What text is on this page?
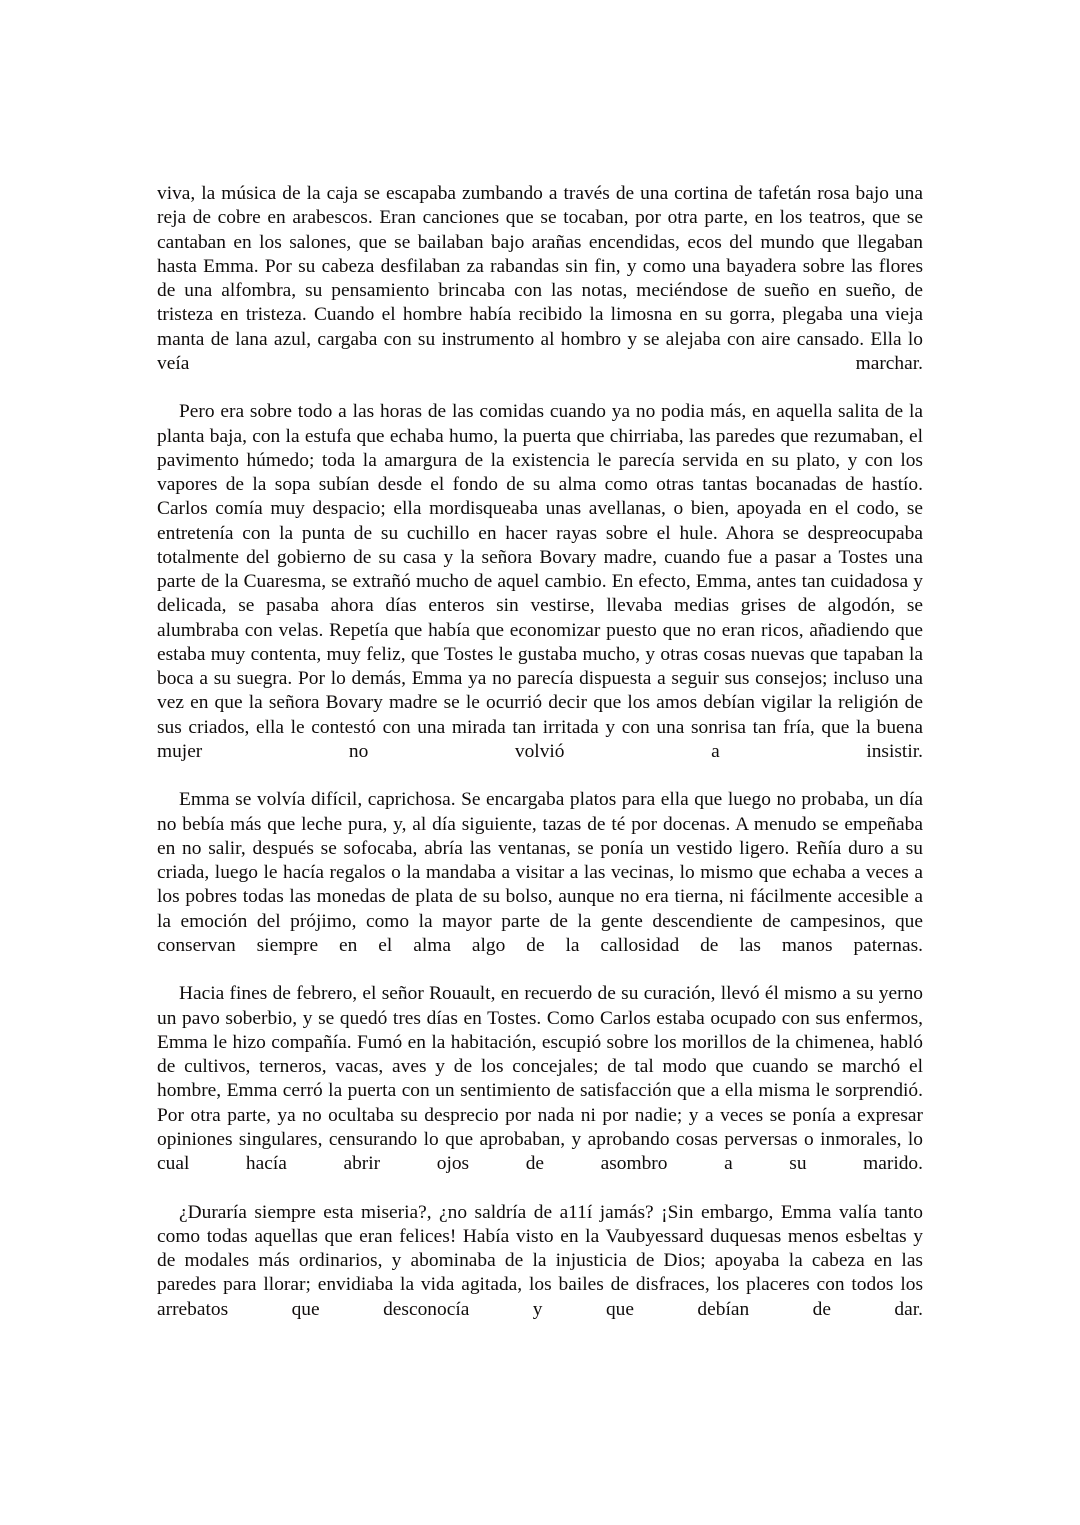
viva, la música de la caja se escapaba zumbando a través de una cortina de tafetán rosa bajo una reja de cobre en arabescos. Eran canciones que se tocaban, por otra parte, en los teatros, que se cantaban en los salones, que se bailaban bajo arañas encendidas, ecos del mundo que llegaban hasta Emma. Por su cabeza desfilaban za rabandas sin fin, y como una bayadera sobre las flores de una alfombra, su pensamiento brincaba con las notas, meciéndose de sueño en sueño, de tristeza en tristeza. Cuando el hombre había recibido la limosna en su gorra, plegaba una vieja manta de lana azul, cargaba con su instrumento al hombro y se alejaba con aire cansado. Ella lo veía marchar.

Pero era sobre todo a las horas de las comidas cuando ya no podia más, en aquella salita de la planta baja, con la estufa que echaba humo, la puerta que chirriaba, las paredes que rezumaban, el pavimento húmedo; toda la amargura de la existencia le parecía servida en su plato, y con los vapores de la sopa subían desde el fondo de su alma como otras tantas bocanadas de hastío. Carlos comía muy despacio; ella mordisqueaba unas avellanas, o bien, apoyada en el codo, se entretenía con la punta de su cuchillo en hacer rayas sobre el hule. Ahora se despreocupaba totalmente del gobierno de su casa y la señora Bovary madre, cuando fue a pasar a Tostes una parte de la Cuaresma, se extrañó mucho de aquel cambio. En efecto, Emma, antes tan cuidadosa y delicada, se pasaba ahora días enteros sin vestirse, llevaba medias grises de algodón, se alumbraba con velas. Repetía que había que economizar puesto que no eran ricos, añadiendo que estaba muy contenta, muy feliz, que Tostes le gustaba mucho, y otras cosas nuevas que tapaban la boca a su suegra. Por lo demás, Emma ya no parecía dispuesta a seguir sus consejos; incluso una vez en que la señora Bovary madre se le ocurrió decir que los amos debían vigilar la religión de sus criados, ella le contestó con una mirada tan irritada y con una sonrisa tan fría, que la buena mujer no volvió a insistir.

Emma se volvía difícil, caprichosa. Se encargaba platos para ella que luego no probaba, un día no bebía más que leche pura, y, al día siguiente, tazas de té por docenas. A menudo se empeñaba en no salir, después se sofocaba, abría las ventanas, se ponía un vestido ligero. Reñía duro a su criada, luego le hacía regalos o la mandaba a visitar a las vecinas, lo mismo que echaba a veces a los pobres todas las monedas de plata de su bolso, aunque no era tierna, ni fácilmente accesible a la emoción del prójimo, como la mayor parte de la gente descendiente de campesinos, que conservan siempre en el alma algo de la callosidad de las manos paternas.

Hacia fines de febrero, el señor Rouault, en recuerdo de su curación, llevó él mismo a su yerno un pavo soberbio, y se quedó tres días en Tostes. Como Carlos estaba ocupado con sus enfermos, Emma le hizo compañía. Fumó en la habitación, escupió sobre los morillos de la chimenea, habló de cultivos, terneros, vacas, aves y de los concejales; de tal modo que cuando se marchó el hombre, Emma cerró la puerta con un sentimiento de satisfacción que a ella misma le sorprendió. Por otra parte, ya no ocultaba su desprecio por nada ni por nadie; y a veces se ponía a expresar opiniones singulares, censurando lo que aprobaban, y aprobando cosas perversas o inmorales, lo cual hacía abrir ojos de asombro a su marido.

¿Duraría siempre esta miseria?, ¿no saldría de a11í jamás? ¡Sin embargo, Emma valía tanto como todas aquellas que eran felices! Había visto en la Vaubyessard duquesas menos esbeltas y de modales más ordinarios, y abominaba de la injusticia de Dios; apoyaba la cabeza en las paredes para llorar; envidiaba la vida agitada, los bailes de disfraces, los placeres con todos los arrebatos que desconocía y que debían de dar.
